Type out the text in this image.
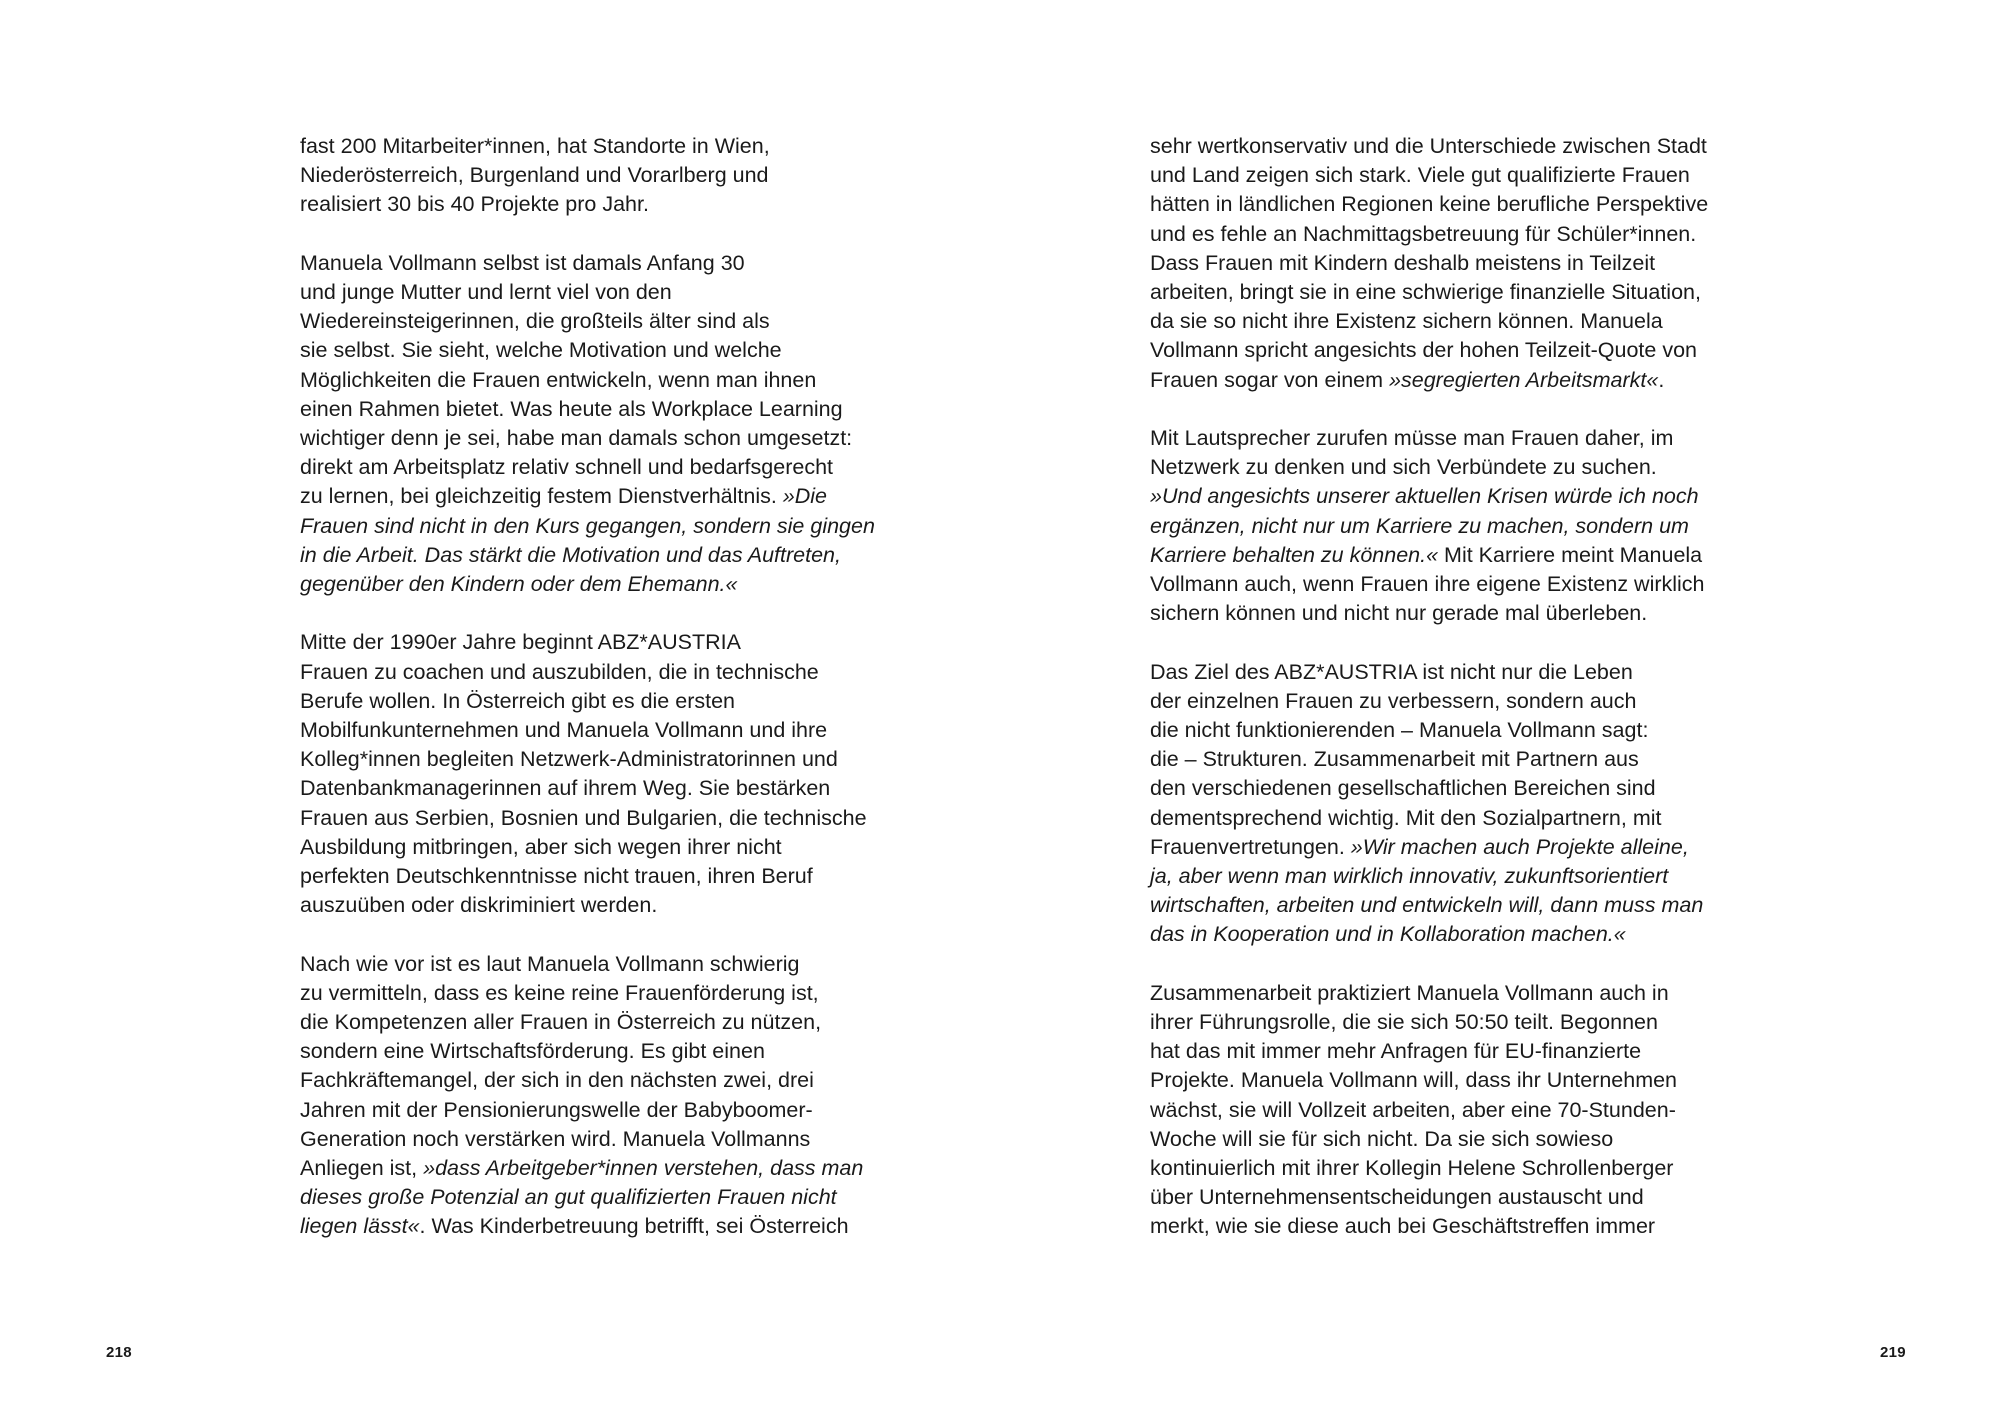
fast 200 Mitarbeiter*innen, hat Standorte in Wien,
Niederösterreich, Burgenland und Vorarlberg und
realisiert 30 bis 40 Projekte pro Jahr.
Manuela Vollmann selbst ist damals Anfang 30
und junge Mutter und lernt viel von den
Wiedereinsteigerinnen, die großteils älter sind als
sie selbst. Sie sieht, welche Motivation und welche
Möglichkeiten die Frauen entwickeln, wenn man ihnen
einen Rahmen bietet. Was heute als Workplace Learning
wichtiger denn je sei, habe man damals schon umgesetzt:
direkt am Arbeitsplatz relativ schnell und bedarfsgerecht
zu lernen, bei gleichzeitig festem Dienstverhältnis. »Die
Frauen sind nicht in den Kurs gegangen, sondern sie gingen
in die Arbeit. Das stärkt die Motivation und das Auftreten,
gegenüber den Kindern oder dem Ehemann.«
Mitte der 1990er Jahre beginnt ABZ*AUSTRIA
Frauen zu coachen und auszubilden, die in technische
Berufe wollen. In Österreich gibt es die ersten
Mobilfunkunternehmen und Manuela Vollmann und ihre
Kolleg*innen begleiten Netzwerk-Administratorinnen und
Datenbankmanagerinnen auf ihrem Weg. Sie bestärken
Frauen aus Serbien, Bosnien und Bulgarien, die technische
Ausbildung mitbringen, aber sich wegen ihrer nicht
perfekten Deutschkenntnisse nicht trauen, ihren Beruf
auszuüben oder diskriminiert werden.
Nach wie vor ist es laut Manuela Vollmann schwierig
zu vermitteln, dass es keine reine Frauenförderung ist,
die Kompetenzen aller Frauen in Österreich zu nützen,
sondern eine Wirtschaftsförderung. Es gibt einen
Fachkräftemangel, der sich in den nächsten zwei, drei
Jahren mit der Pensionierungswelle der Babyboomer-
Generation noch verstärken wird. Manuela Vollmanns
Anliegen ist, »dass Arbeitgeber*innen verstehen, dass man
dieses große Potenzial an gut qualifizierten Frauen nicht
liegen lässt«. Was Kinderbetreuung betrifft, sei Österreich
218
sehr wertkonservativ und die Unterschiede zwischen Stadt
und Land zeigen sich stark. Viele gut qualifizierte Frauen
hätten in ländlichen Regionen keine berufliche Perspektive
und es fehle an Nachmittagsbetreuung für Schüler*innen.
Dass Frauen mit Kindern deshalb meistens in Teilzeit
arbeiten, bringt sie in eine schwierige finanzielle Situation,
da sie so nicht ihre Existenz sichern können. Manuela
Vollmann spricht angesichts der hohen Teilzeit-Quote von
Frauen sogar von einem »segregierten Arbeitsmarkt«.
Mit Lautsprecher zurufen müsse man Frauen daher, im
Netzwerk zu denken und sich Verbündete zu suchen.
»Und angesichts unserer aktuellen Krisen würde ich noch
ergänzen, nicht nur um Karriere zu machen, sondern um
Karriere behalten zu können.« Mit Karriere meint Manuela
Vollmann auch, wenn Frauen ihre eigene Existenz wirklich
sichern können und nicht nur gerade mal überleben.
Das Ziel des ABZ*AUSTRIA ist nicht nur die Leben
der einzelnen Frauen zu verbessern, sondern auch
die nicht funktionierenden – Manuela Vollmann sagt:
die – Strukturen. Zusammenarbeit mit Partnern aus
den verschiedenen gesellschaftlichen Bereichen sind
dementsprechend wichtig. Mit den Sozialpartnern, mit
Frauenvertretungen. »Wir machen auch Projekte alleine,
ja, aber wenn man wirklich innovativ, zukunftsorientiert
wirtschaften, arbeiten und entwickeln will, dann muss man
das in Kooperation und in Kollaboration machen.«
Zusammenarbeit praktiziert Manuela Vollmann auch in
ihrer Führungsrolle, die sie sich 50:50 teilt. Begonnen
hat das mit immer mehr Anfragen für EU-finanzierte
Projekte. Manuela Vollmann will, dass ihr Unternehmen
wächst, sie will Vollzeit arbeiten, aber eine 70-Stunden-
Woche will sie für sich nicht. Da sie sich sowieso
kontinuierlich mit ihrer Kollegin Helene Schrollenberger
über Unternehmensentscheidungen austauscht und
merkt, wie sie diese auch bei Geschäftstreffen immer
219
